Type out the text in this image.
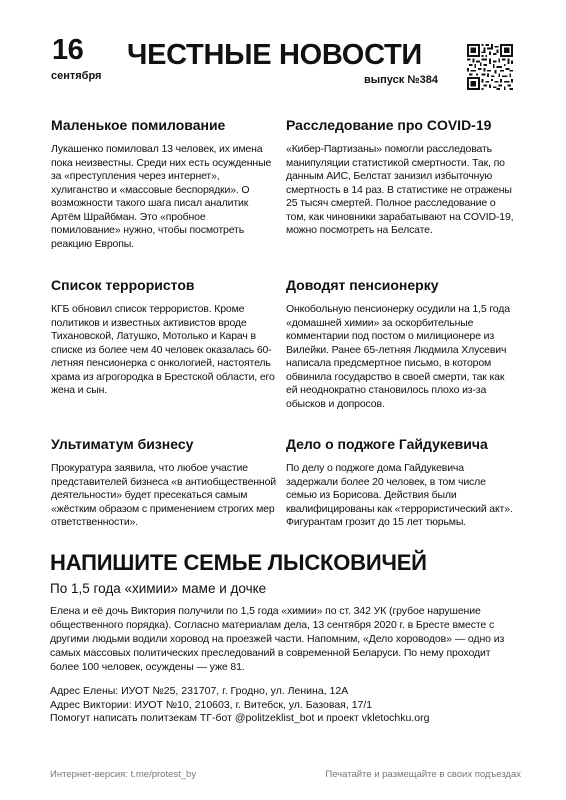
16
сентября
ЧЕСТНЫЕ НОВОСТИ
выпуск №384
Маленькое помилование

Лукашенко помиловал 13 человек, их имена пока неизвестны. Среди них есть осужденные за «преступления через интернет», хулиганство и «массовые беспорядки». О возможности такого шага писал аналитик Артём Шрайбман. Это «пробное помилование» нужно, чтобы посмотреть реакцию Европы.

Расследование про COVID-19

«Кибер-Партизаны» помогли расследовать манипуляции статистикой смертности. Так, по данным АИС, Белстат занизил избыточную смертность в 14 раз. В статистике не отражены 25 тысяч смертей. Полное расследование о том, как чиновники зарабатывают на COVID-19, можно посмотреть на Белсате.

Список террористов

КГБ обновил список террористов. Кроме политиков и известных активистов вроде Тихановской, Латушко, Мотолько и Карач в списке из более чем 40 человек оказалась 60-летняя пенсионерка с онкологией, настоятель храма из агрогородка в Брестской области, его жена и сын.

Доводят пенсионерку

Онкобольную пенсионерку осудили на 1,5 года «домашней химии» за оскорбительные комментарии под постом о милиционере из Вилейки. Ранее 65-летняя Людмила Хлусевич написала предсмертное письмо, в котором обвинила государство в своей смерти, так как ей неоднократно становилось плохо из-за обысков и допросов.

Ультиматум бизнесу

Прокуратура заявила, что любое участие представителей бизнеса «в антиобщественной деятельности» будет пресекаться самым «жёстким образом с применением строгих мер ответственности».

Дело о поджоге Гайдукевича

По делу о поджоге дома Гайдукевича задержали более 20 человек, в том числе семью из Борисова. Действия были квалифицированы как «террористический акт». Фигурантам грозит до 15 лет тюрьмы.

НАПИШИТЕ СЕМЬЕ ЛЫСКОВИЧЕЙ
По 1,5 года «химии» маме и дочке

Елена и её дочь Виктория получили по 1,5 года «химии» по ст. 342 УК (грубое нарушение общественного порядка). Согласно материалам дела, 13 сентября 2020 г. в Бресте вместе с другими людьми водили хоровод на проезжей части. Напомним, «Дело хороводов» — одно из самых массовых политических преследований в современной Беларуси. По нему проходит более 100 человек, осуждены — уже 81.

Адрес Елены: ИУОТ №25, 231707, г. Гродно, ул. Ленина, 12А
Адрес Виктории: ИУОТ №10, 210603, г. Витебск, ул. Базовая, 17/1
Помогут написать политзекам ТГ-бот @politzeklist_bot и проект vkletochku.org
Интернет-версия: t.me/protest_by	Печатайте и размещайте в своих подъездах
